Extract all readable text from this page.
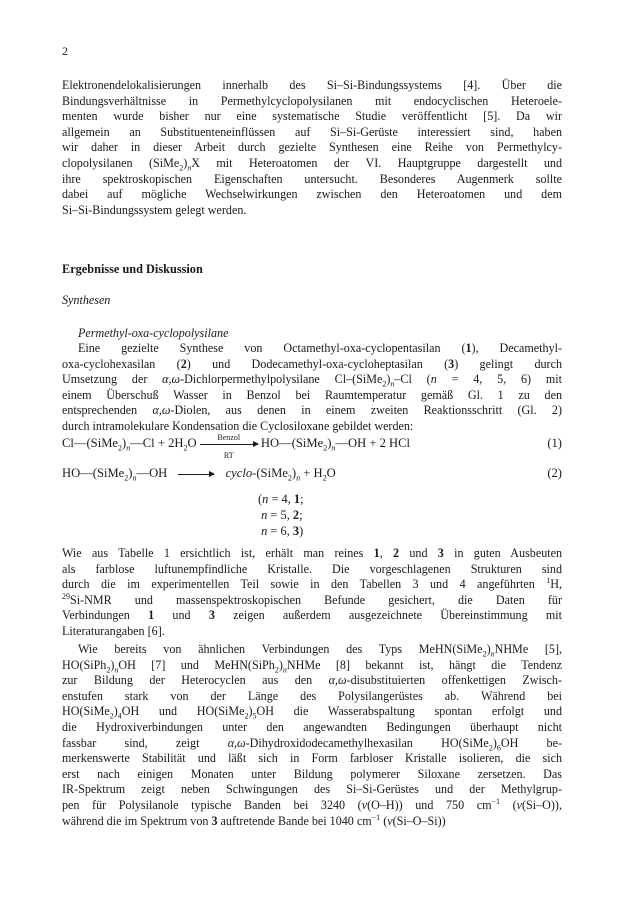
2
Elektronendelokalisierungen innerhalb des Si–Si-Bindungssystems [4]. Über die
Bindungsverhältnisse in Permethylcyclopolysilanen mit endocyclischen Heteroele-
menten wurde bisher nur eine systematische Studie veröffentlicht [5]. Da wir
allgemein an Substituenteneinflüssen auf Si–Si-Gerüste interessiert sind, haben
wir daher in dieser Arbeit durch gezielte Synthesen eine Reihe von Permethylcy-
clopolysilanen $(SiMe_2)_nX$ mit Heteroatomen der VI. Hauptgruppe dargestellt und
ihre spektroskopischen Eigenschaften untersucht. Besonderes Augenmerk sollte
dabei auf mögliche Wechselwirkungen zwischen den Heteroatomen und dem
Si–Si-Bindungssystem gelegt werden.
Ergebnisse und Diskussion
Synthesen
Permethyl-oxa-cyclopolysilane
Eine gezielte Synthese von Octamethyl-oxa-cyclopentasilan (1), Decamethyl-
oxa-cyclohexasilan (2) und Dodecamethyl-oxa-cycloheptasilan (3) gelingt durch
Umsetzung der α,ω-Dichlorpermethylpolysilane $Cl-(SiMe_2)_n-Cl$ (n = 4, 5, 6) mit
einem Überschuß Wasser in Benzol bei Raumtemperatur gemäß Gl. 1 zu den
entsprechenden α,ω-Diolen, aus denen in einem zweiten Reaktionsschritt (Gl. 2)
durch intramolekulare Kondensation die Cyclosiloxane gebildet werden:
$Cl—(SiMe_2)_n—Cl + 2H_2O$	Benzol
RT
$HO—(SiMe_2)_n—OH + 2$ HCl	(1)
$HO—(SiMe_2)_n—OH$ → cyclo-$(SiMe_2)_n + H_2O$	(2)
(n = 4, 1;
n = 5, 2;
n = 6, 3)
Wie aus Tabelle 1 ersichtlich ist, erhält man reines 1, 2 und 3 in guten Ausbeuten
als farblose luftunempfindliche Kristalle. Die vorgeschlagenen Strukturen sind
durch die im experimentellen Teil sowie in den Tabellen 3 und 4 angeführten $^1$H,
$^{29}$Si-NMR und massenspektroskopischen Befunde gesichert, die Daten für
Verbindungen 1 und 3 zeigen außerdem ausgezeichnete Übereinstimmung mit
Literaturangaben [6].
Wie bereits von ähnlichen Verbindungen des Typs $MeHN(SiMe_2)_nNHMe$ [5],
$HO(SiPh_2)_nOH$ [7] und $MeHN(SiPh_2)_nNHMe$ [8] bekannt ist, hängt die Tendenz
zur Bildung der Heterocyclen aus den α,ω-disubstituierten offenkettigen Zwisch-
enstufen stark von der Länge des Polysilangerüstes ab. Während bei
$HO(SiMe_2)_4OH$ und $HO(SiMe_2)_5OH$ die Wasserabspaltung spontan erfolgt und
die Hydroxiverbindungen unter den angewandten Bedingungen überhaupt nicht
fassbar sind, zeigt α,ω-Dihydroxidodecamethylhexasilan $HO(SiMe_2)_6OH$ be-
merkenswerte Stabilität und läßt sich in Form farbloser Kristalle isolieren, die sich
erst nach einigen Monaten unter Bildung polymerer Siloxane zersetzen. Das
IR-Spektrum zeigt neben Schwingungen des Si–Si-Gerüstes und der Methylgrup-
pen für Polysilanole typische Banden bei 3240 (ν(O–H)) und 750 $cm^{-1}$ (ν(Si–O)),
während die im Spektrum von 3 auftretende Bande bei 1040 $cm^{-1}$ (ν(Si–O–Si))
